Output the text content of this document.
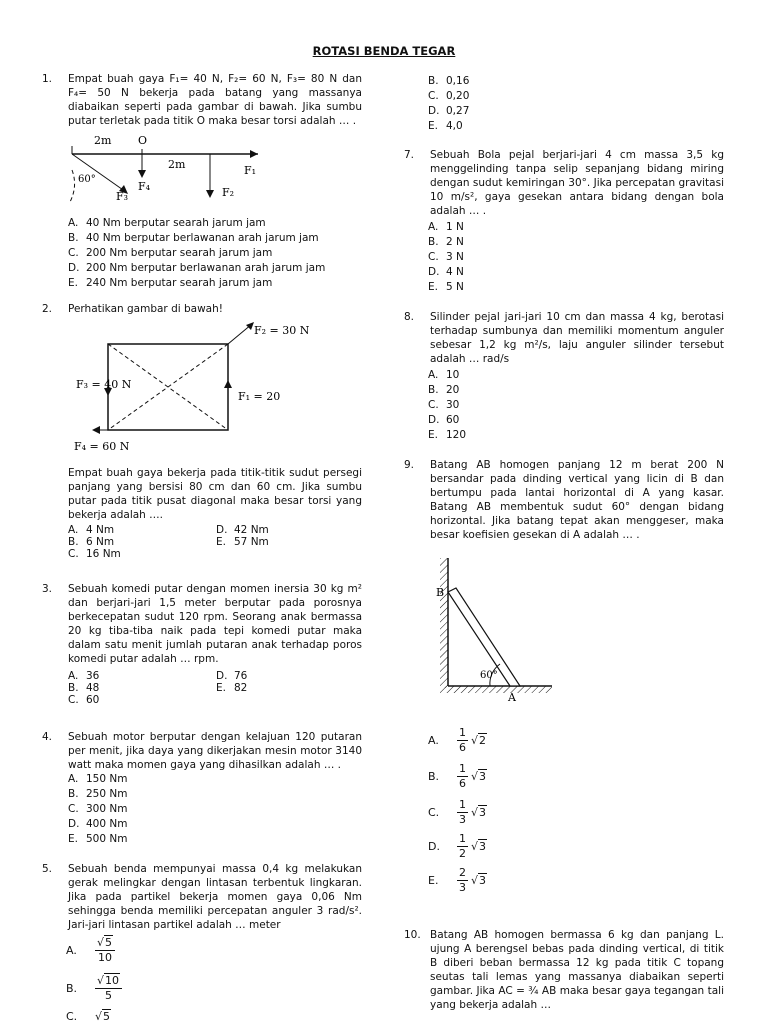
ROTASI BENDA TEGAR
1.	Empat buah gaya F₁= 40 N, F₂= 60 N, F₃= 80 N dan F₄= 50 N bekerja pada batang yang massanya diabaikan seperti pada gambar di bawah. Jika sumbu putar terletak pada titik O maka besar torsi adalah … .
2m O
2m	F₁
60°
F₄
F₃	F₂
A. 40 Nm berputar searah jarum jam
B. 40 Nm berputar berlawanan arah jarum jam
C. 200 Nm berputar searah jarum jam
D. 200 Nm berputar berlawanan arah jarum jam
E. 240 Nm berputar searah jarum jam
2.	Perhatikan gambar di bawah!
F₂ = 30 N
F₃ = 40 N
F₁ = 20
F₄ = 60 N
Empat buah gaya bekerja pada titik-titik sudut persegi panjang yang bersisi 80 cm dan 60 cm. Jika sumbu putar pada titik pusat diagonal maka besar torsi yang bekerja adalah ….
A. 4 Nm	D. 42 Nm
B. 6 Nm	E. 57 Nm
C. 16 Nm
3.	Sebuah komedi putar dengan momen inersia 30 kg m² dan berjari-jari 1,5 meter berputar pada porosnya berkecepatan sudut 120 rpm. Seorang anak bermassa 20 kg tiba-tiba naik pada tepi komedi putar maka dalam satu menit jumlah putaran anak terhadap poros komedi putar adalah … rpm.
A. 36	D. 76
B. 48	E. 82
C. 60
4.	Sebuah motor berputar dengan kelajuan 120 putaran per menit, jika daya yang dikerjakan mesin motor 3140 watt maka momen gaya yang dihasilkan adalah … .
A. 150 Nm
B. 250 Nm
C. 300 Nm
D. 400 Nm
E. 500 Nm
5.	Sebuah benda mempunyai massa 0,4 kg melakukan gerak melingkar dengan lintasan terbentuk lingkaran. Jika pada partikel bekerja momen gaya 0,06 Nm sehingga benda memiliki percepatan anguler 3 rad/s². Jari-jari lintasan partikel adalah … meter
A.	$\frac{√5}{10}$
B.	$\frac{√10}{5}$
C.	√5
B. 0,16
C. 0,20
D. 0,27
E. 4,0
7.	Sebuah Bola pejal berjari-jari 4 cm massa 3,5 kg menggelinding tanpa selip sepanjang bidang miring dengan sudut kemiringan 30°. Jika percepatan gravitasi 10 m/s², gaya gesekan antara bidang dengan bola adalah … .
A. 1 N
B. 2 N
C. 3 N
D. 4 N
E. 5 N
8.	Silinder pejal jari-jari 10 cm dan massa 4 kg, berotasi terhadap sumbunya dan memiliki momentum anguler sebesar 1,2 kg m²/s, laju anguler silinder tersebut adalah … rad/s
A. 10
B. 20
C. 30
D. 60
E. 120
9.	Batang AB homogen panjang 12 m berat 200 N bersandar pada dinding vertical yang licin di B dan bertumpu pada lantai horizontal di A yang kasar. Batang AB membentuk sudut 60° dengan bidang horizontal. Jika batang tepat akan menggeser, maka besar koefisien gesekan di A adalah … .
B
60°
A
A.	$\frac{1}{6} √2$
B.	$\frac{1}{6} √3$
C.	$\frac{1}{3} √3$
D.	$\frac{1}{2} √3$
E.	$\frac{2}{3} √3$
10. Batang AB homogen bermassa 6 kg dan panjang L. ujung A berengsel bebas pada dinding vertical, di titik B diberi beban bermassa 12 kg pada titik C topang seutas tali lemas yang massanya diabaikan seperti gambar. Jika AC = ¾ AB maka besar gaya tegangan tali yang bekerja adalah …
